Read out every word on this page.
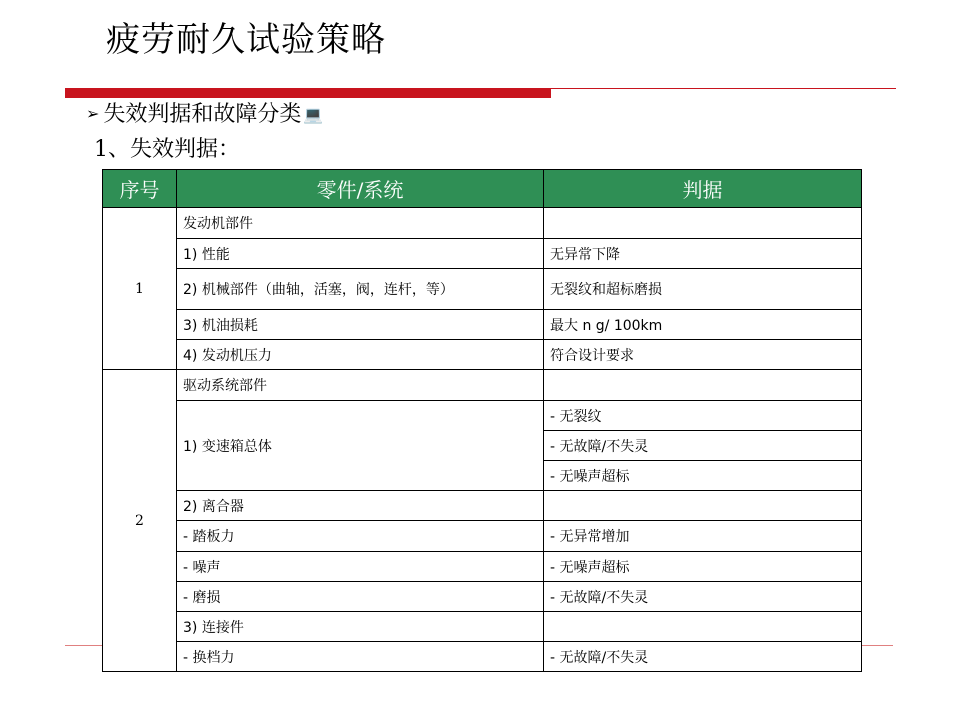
疲劳耐久试验策略
➢ 失效判据和故障分类 💻
1、失效判据：
序号	零件/系统	判据
1	发动机部件	
	1) 性能	无异常下降
	2) 机械部件（曲轴，活塞，阀，连杆，等）	无裂纹和超标磨损
	3) 机油损耗	最大 n g/ 100km
	4) 发动机压力	符合设计要求
2	驱动系统部件	
	1) 变速箱总体	- 无裂纹
		- 无故障/不失灵
		- 无噪声超标
	2) 离合器	
	- 踏板力	- 无异常增加
	- 噪声	- 无噪声超标
	- 磨损	- 无故障/不失灵
	3) 连接件	
	- 换档力	- 无故障/不失灵
